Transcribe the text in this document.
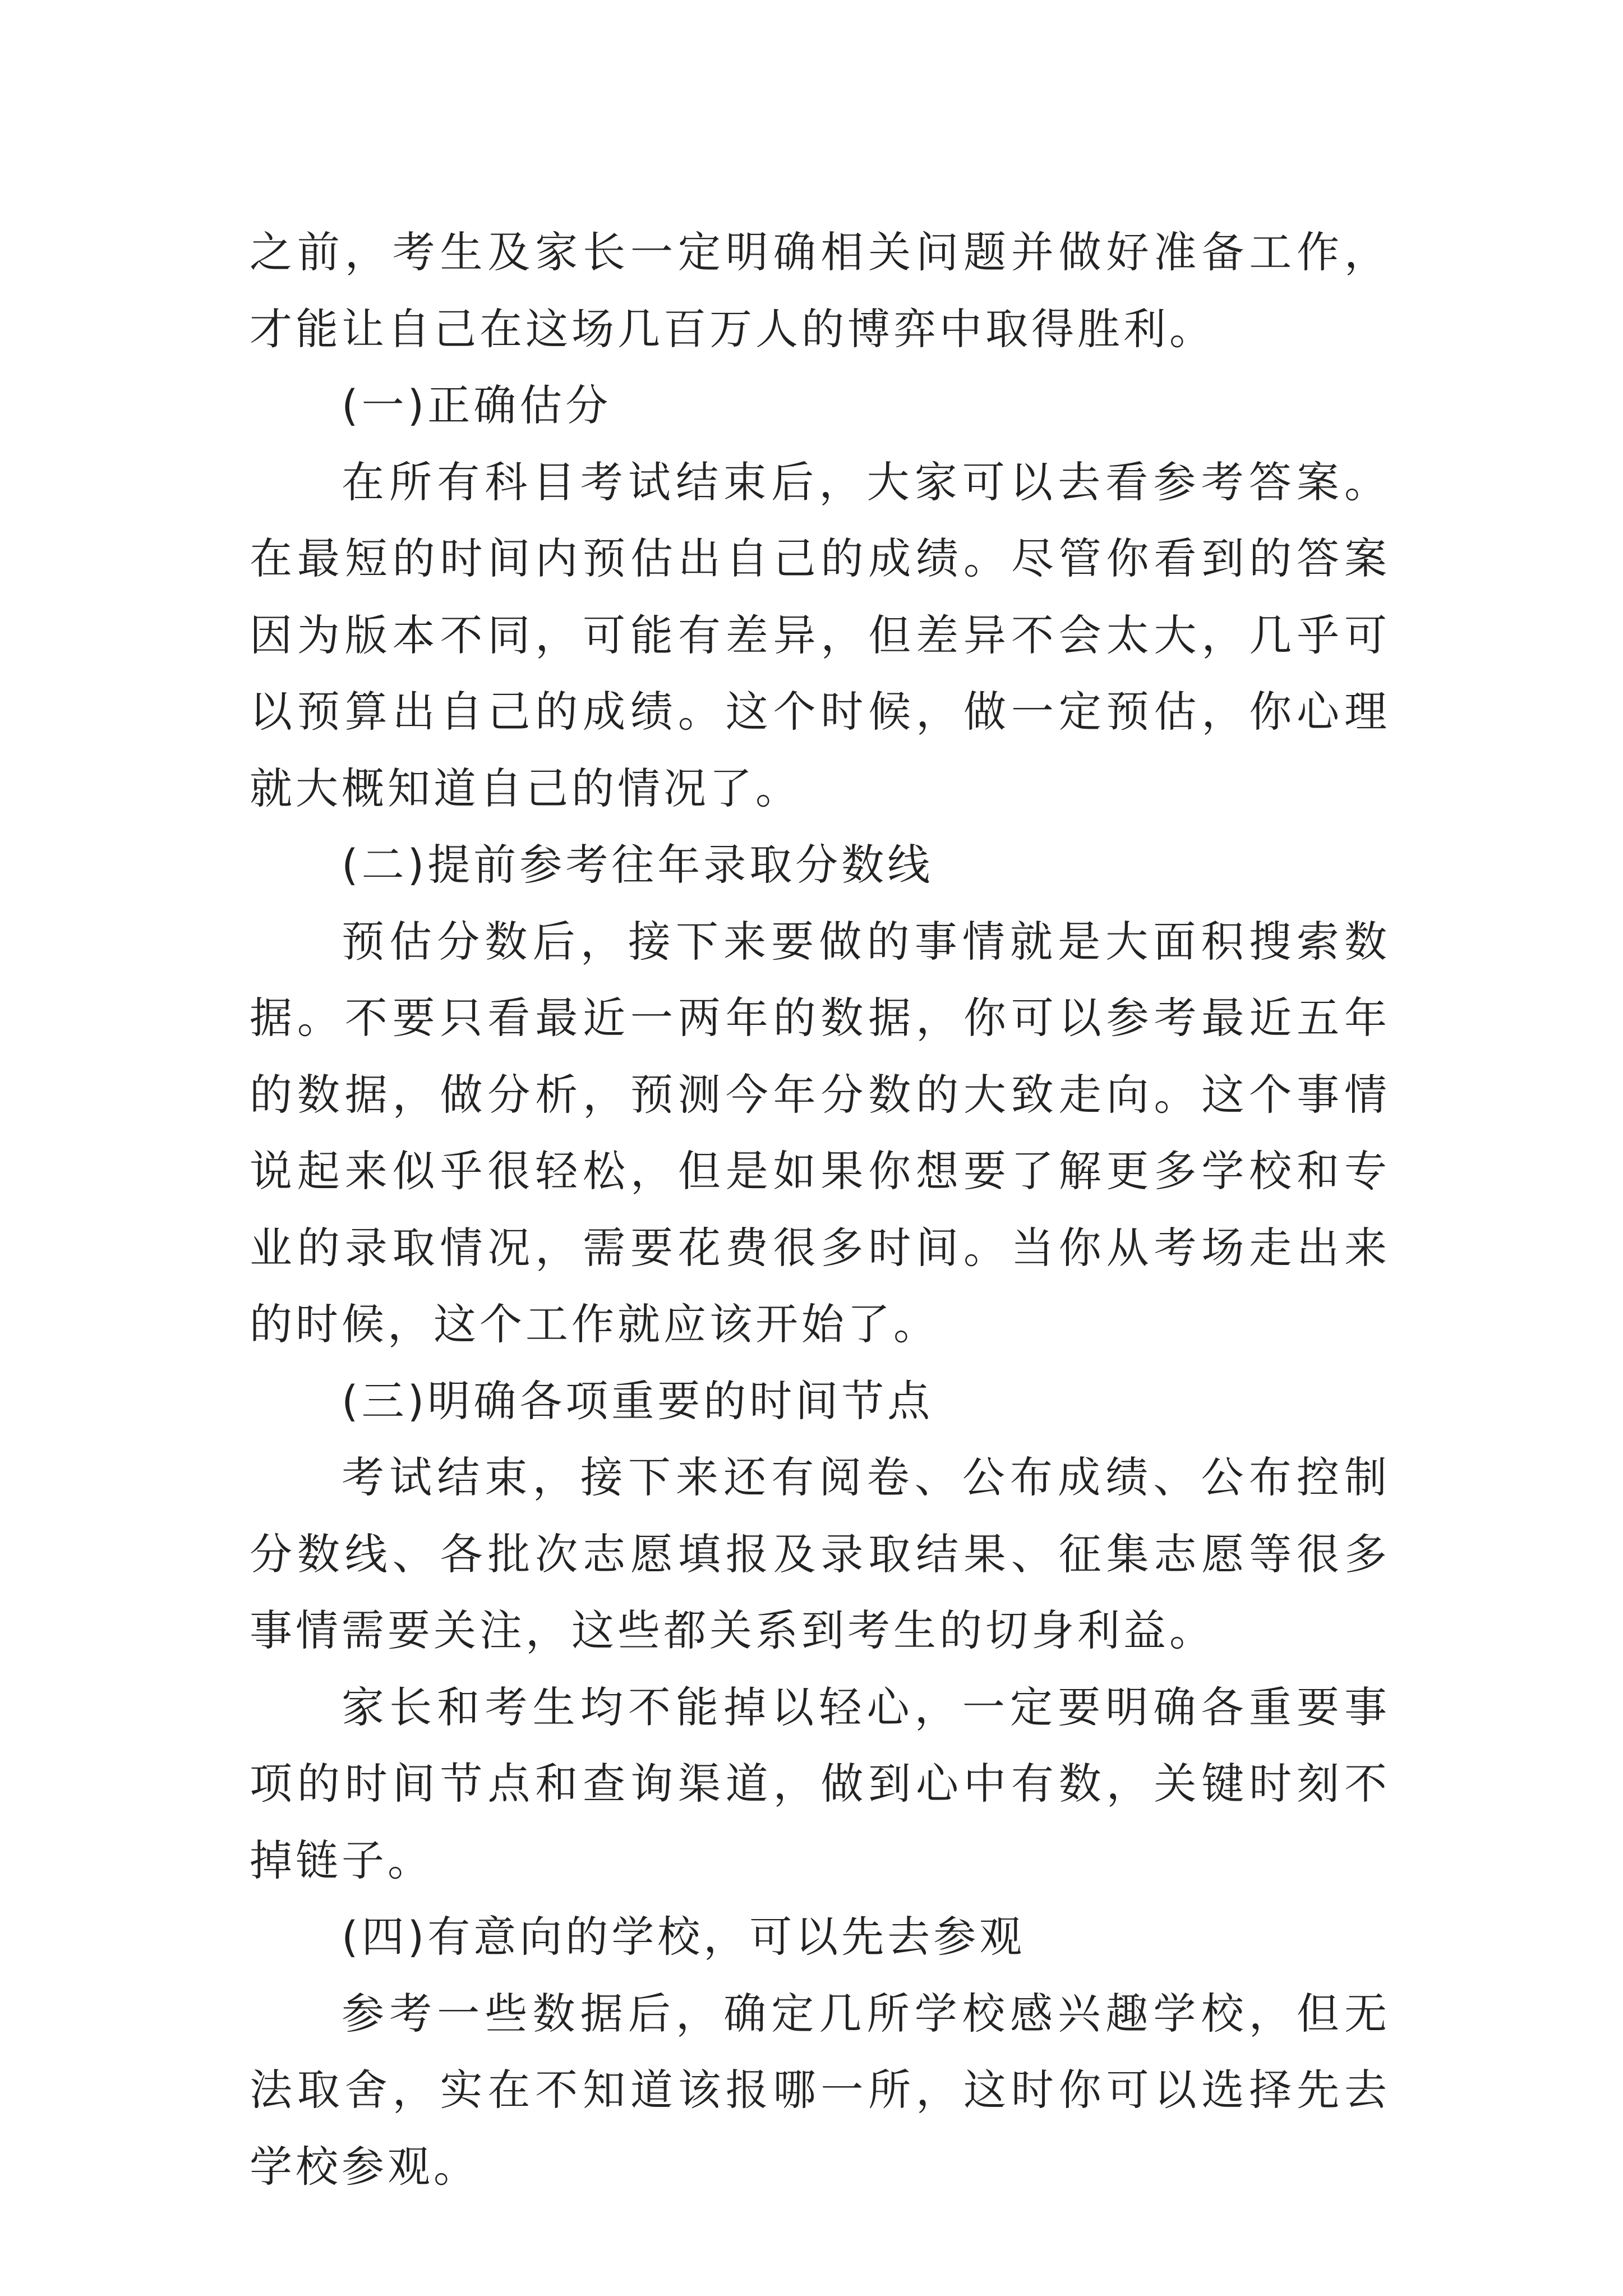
之前，考生及家长一定明确相关问题并做好准备工作，才能让自己在这场几百万人的博弈中取得胜利。

(一)正确估分

在所有科目考试结束后，大家可以去看参考答案。在最短的时间内预估出自己的成绩。尽管你看到的答案因为版本不同，可能有差异，但差异不会太大，几乎可以预算出自己的成绩。这个时候，做一定预估，你心理就大概知道自己的情况了。

(二)提前参考往年录取分数线

预估分数后，接下来要做的事情就是大面积搜索数据。不要只看最近一两年的数据，你可以参考最近五年的数据，做分析，预测今年分数的大致走向。这个事情说起来似乎很轻松，但是如果你想要了解更多学校和专业的录取情况，需要花费很多时间。当你从考场走出来的时候，这个工作就应该开始了。

(三)明确各项重要的时间节点

考试结束，接下来还有阅卷、公布成绩、公布控制分数线、各批次志愿填报及录取结果、征集志愿等很多事情需要关注，这些都关系到考生的切身利益。

家长和考生均不能掉以轻心，一定要明确各重要事项的时间节点和查询渠道，做到心中有数，关键时刻不掉链子。

(四)有意向的学校，可以先去参观

参考一些数据后，确定几所学校感兴趣学校，但无法取舍，实在不知道该报哪一所，这时你可以选择先去学校参观。
